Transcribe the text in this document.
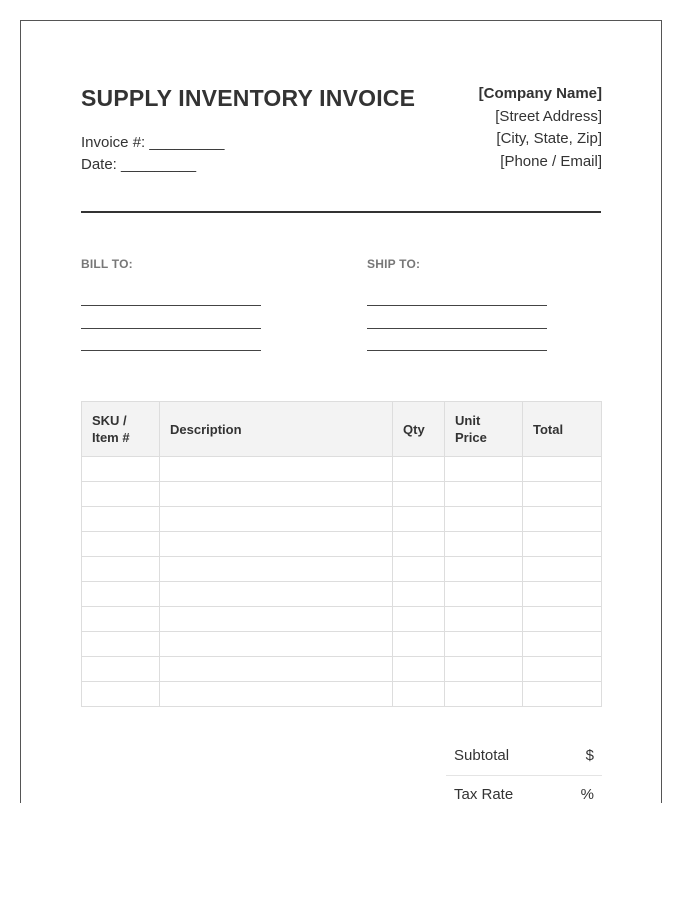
SUPPLY INVENTORY INVOICE
Invoice #: _________
Date: _________
[Company Name]
[Street Address]
[City, State, Zip]
[Phone / Email]
BILL TO:	SHIP TO:
SKU / Item #	Description	Qty	Unit Price	Total

Subtotal	$
Tax Rate	%
